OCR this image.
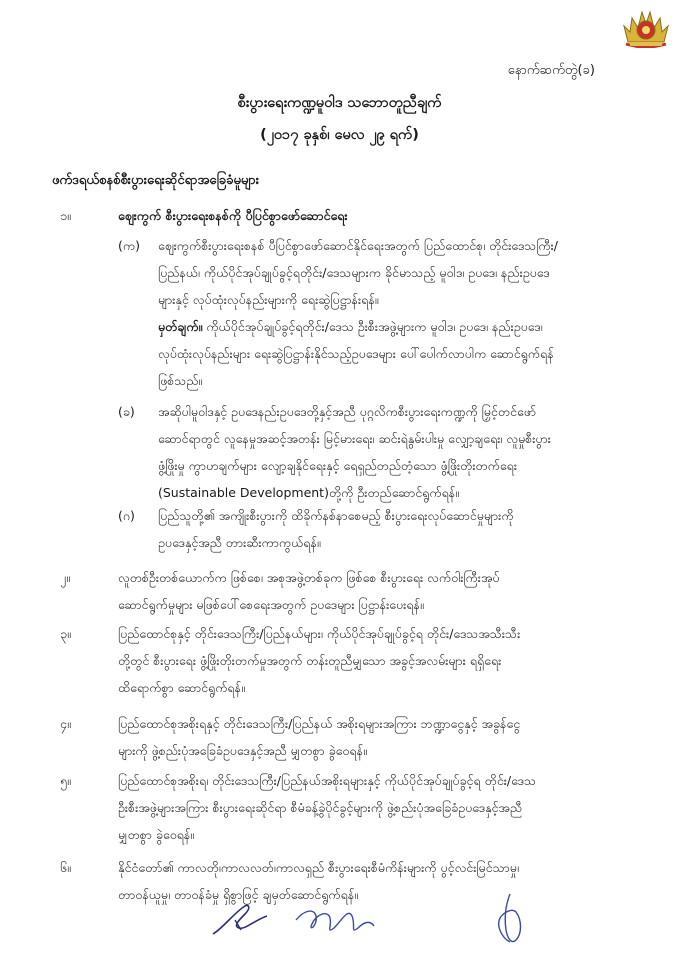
နောက်ဆက်တွဲ(ခ)
စီးပွားရေးကဏ္ဍမူဝါဒ သဘောတူညီချက်
(၂၀၁၇ ခုနှစ်၊ မေလ ၂၉ ရက်)
ဖက်ဒရယ်စနစ်စီးပွားရေးဆိုင်ရာအခြေခံမူများ
၁။	ဈေးကွက် စီးပွားရေးစနစ်ကို ပီပြင်စွာဖော်ဆောင်ရေး
(က) ဈေးကွက်စီးပွားရေးစနစ် ပီပြင်စွာဖော်ဆောင်နိုင်ရေးအတွက် ပြည်ထောင်စု၊ တိုင်းဒေသကြီး/
ပြည်နယ်၊ ကိုယ်ပိုင်အုပ်ချုပ်ခွင့်ရတိုင်း/ဒေသများက ခိုင်မာသည့် မူဝါဒ၊ ဥပဒေ၊ နည်းဥပဒေ
များနှင့် လုပ်ထုံးလုပ်နည်းများကို ရေးဆွဲပြဋ္ဌာန်းရန်။
မှတ်ချက်။ ကိုယ်ပိုင်အုပ်ချုပ်ခွင့်ရတိုင်း/ဒေသ ဦးစီးအဖွဲ့များက မူဝါဒ၊ ဥပဒေ၊ နည်းဥပဒေ၊
လုပ်ထုံးလုပ်နည်းများ ရေးဆွဲပြဋ္ဌာန်းနိုင်သည့်ဥပဒေများ ပေါ်ပေါက်လာပါက ဆောင်ရွက်ရန်
ဖြစ်သည်။
(ခ) အဆိုပါမူဝါဒနှင့် ဥပဒေနည်းဥပဒေတို့နှင့်အညီ ပုဂ္ဂလိကစီးပွားရေးကဏ္ဍကို မြှင့်တင်ဖော်
ဆောင်ရာတွင် လူနေမှုအဆင့်အတန်း မြင့်မားရေး၊ ဆင်းရဲနွမ်းပါးမှု လျှော့ချရေး၊ လူမှုစီးပွား
ဖွံ့ဖြိုးမှု ကွာဟချက်များ လျော့ချနိုင်ရေးနှင့် ရေရှည်တည်တံ့သော ဖွံ့ဖြိုးတိုးတက်ရေး
(Sustainable Development)တို့ကို ဦးတည်ဆောင်ရွက်ရန်။
(ဂ) ပြည်သူတို့၏ အကျိုးစီးပွားကို ထိခိုက်နစ်နာစေမည့် စီးပွားရေးလုပ်ဆောင်မှုများကို
ဥပဒေနှင့်အညီ တားဆီးကာကွယ်ရန်။
၂။	လူတစ်ဦးတစ်ယောက်က ဖြစ်စေ၊ အစုအဖွဲ့တစ်ခုက ဖြစ်စေ စီးပွားရေး လက်ဝါးကြီးအုပ်
ဆောင်ရွက်မှုများ မဖြစ်ပေါ်စေရေးအတွက် ဥပဒေများ ပြဋ္ဌာန်းပေးရန်။
၃။	ပြည်ထောင်စုနှင့် တိုင်းဒေသကြီး/ပြည်နယ်များ၊ ကိုယ်ပိုင်အုပ်ချုပ်ခွင့်ရ တိုင်း/ဒေသအသီးသီး
တို့တွင် စီးပွားရေး ဖွံ့ဖြိုးတိုးတက်မှုအတွက် တန်းတူညီမျှသော အခွင့်အလမ်းများ ရရှိရေး
ထိရောက်စွာ ဆောင်ရွက်ရန်။
၄။	ပြည်ထောင်စုအစိုးရနှင့် တိုင်းဒေသကြီး/ပြည်နယ် အစိုးရများအကြား ဘဏ္ဍာငွေနှင့် အခွန်ငွေ
များကို ဖွဲ့စည်းပုံအခြေခံဥပဒေနှင့်အညီ မျှတစွာ ခွဲဝေရန်။
၅။	ပြည်ထောင်စုအစိုးရ၊ တိုင်းဒေသကြီး/ပြည်နယ်အစိုးရများနှင့် ကိုယ်ပိုင်အုပ်ချုပ်ခွင့်ရ တိုင်း/ဒေသ
ဦးစီးအဖွဲ့များအကြား စီးပွားရေးဆိုင်ရာ စီမံခန့်ခွဲပိုင်ခွင့်များကို ဖွဲ့စည်းပုံအခြေခံဥပဒေနှင့်အညီ
မျှတစွာ ခွဲဝေရန်။
၆။	နိုင်ငံတော်၏ ကာလတို၊ကာလလတ်၊ကာလရှည် စီးပွားရေးစီမံကိန်းများကို ပွင့်လင်းမြင်သာမှု၊
တာဝန်ယူမှု၊ တာဝန်ခံမှု ရှိစွာဖြင့် ချမှတ်ဆောင်ရွက်ရန်။
